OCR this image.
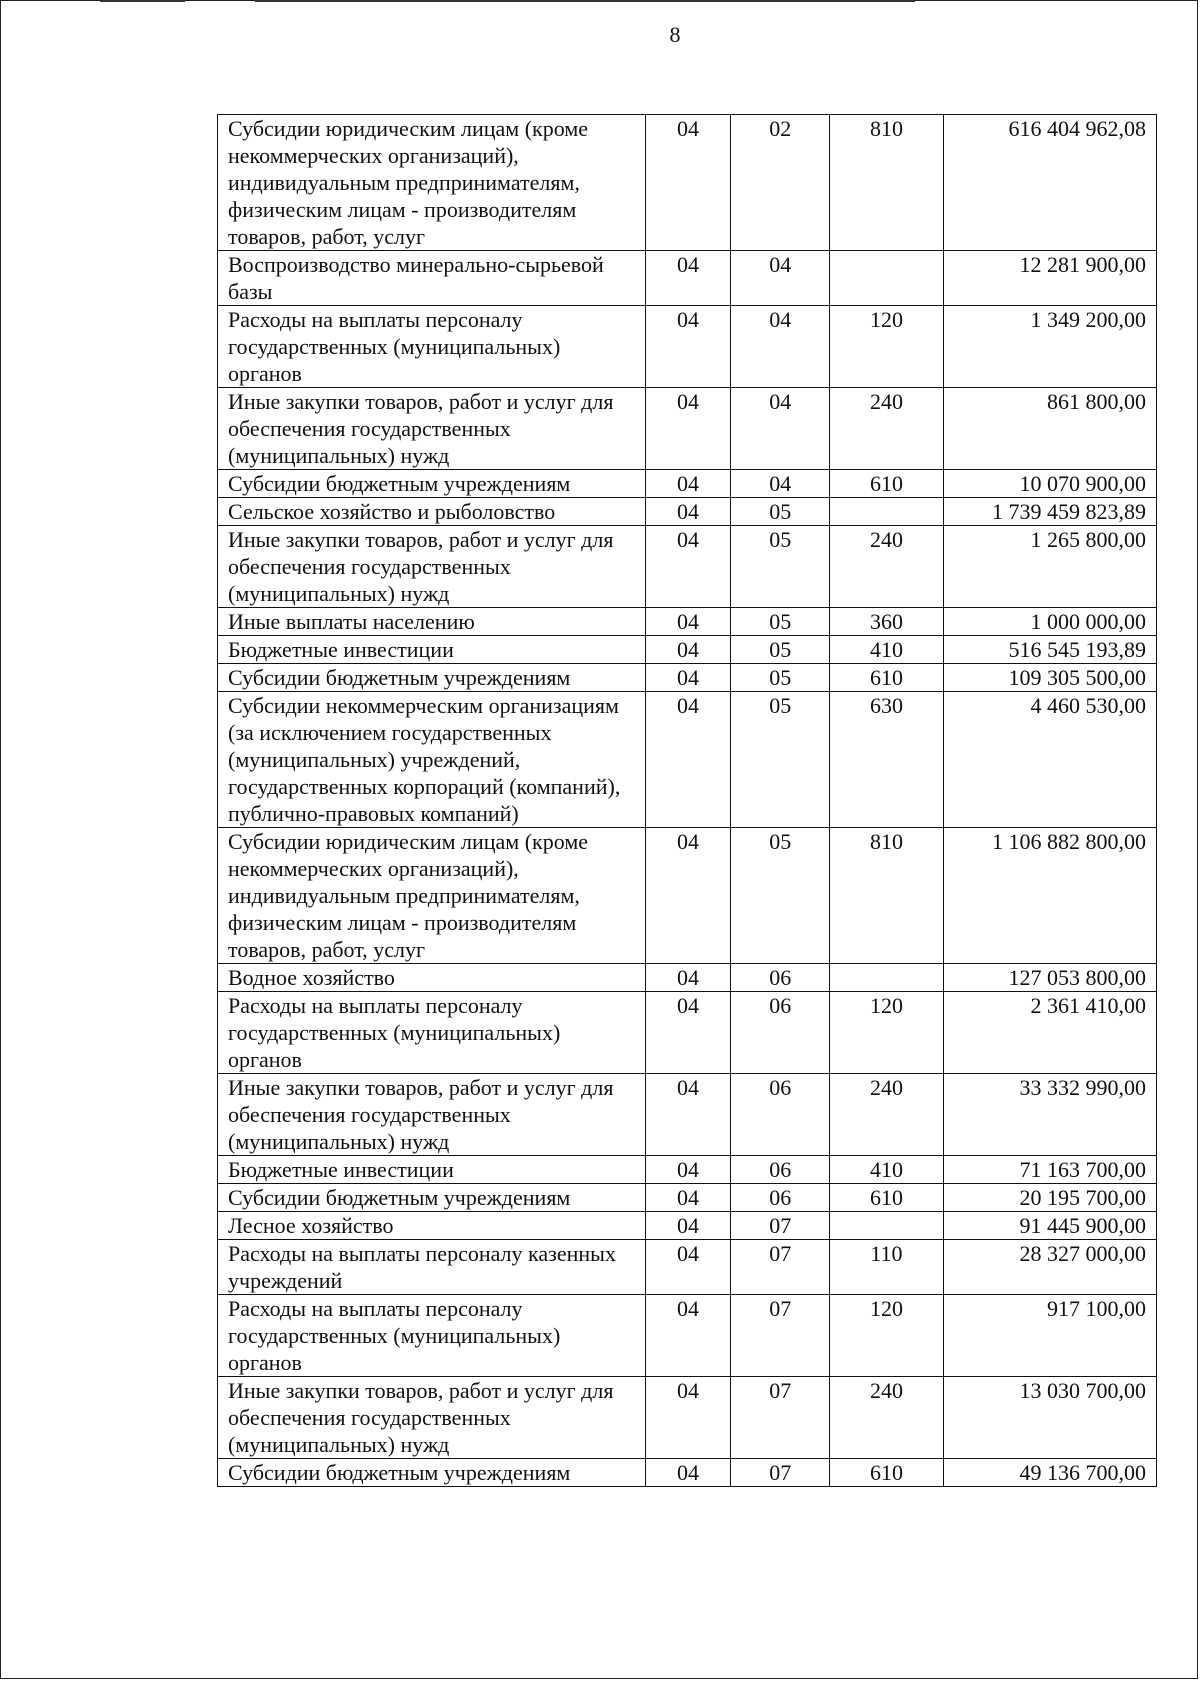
8
Субсидии юридическим лицам (кроме некоммерческих организаций), индивидуальным предпринимателям, физическим лицам - производителям товаров, работ, услуг	04	02	810	616 404 962,08
Воспроизводство минерально-сырьевой базы	04	04		12 281 900,00
Расходы на выплаты персоналу государственных (муниципальных) органов	04	04	120	1 349 200,00
Иные закупки товаров, работ и услуг для обеспечения государственных (муниципальных) нужд	04	04	240	861 800,00
Субсидии бюджетным учреждениям	04	04	610	10 070 900,00
Сельское хозяйство и рыболовство	04	05		1 739 459 823,89
Иные закупки товаров, работ и услуг для обеспечения государственных (муниципальных) нужд	04	05	240	1 265 800,00
Иные выплаты населению	04	05	360	1 000 000,00
Бюджетные инвестиции	04	05	410	516 545 193,89
Субсидии бюджетным учреждениям	04	05	610	109 305 500,00
Субсидии некоммерческим организациям (за исключением государственных (муниципальных) учреждений, государственных корпораций (компаний), публично-правовых компаний)	04	05	630	4 460 530,00
Субсидии юридическим лицам (кроме некоммерческих организаций), индивидуальным предпринимателям, физическим лицам - производителям товаров, работ, услуг	04	05	810	1 106 882 800,00
Водное хозяйство	04	06		127 053 800,00
Расходы на выплаты персоналу государственных (муниципальных) органов	04	06	120	2 361 410,00
Иные закупки товаров, работ и услуг для обеспечения государственных (муниципальных) нужд	04	06	240	33 332 990,00
Бюджетные инвестиции	04	06	410	71 163 700,00
Субсидии бюджетным учреждениям	04	06	610	20 195 700,00
Лесное хозяйство	04	07		91 445 900,00
Расходы на выплаты персоналу казенных учреждений	04	07	110	28 327 000,00
Расходы на выплаты персоналу государственных (муниципальных) органов	04	07	120	917 100,00
Иные закупки товаров, работ и услуг для обеспечения государственных (муниципальных) нужд	04	07	240	13 030 700,00
Субсидии бюджетным учреждениям	04	07	610	49 136 700,00
